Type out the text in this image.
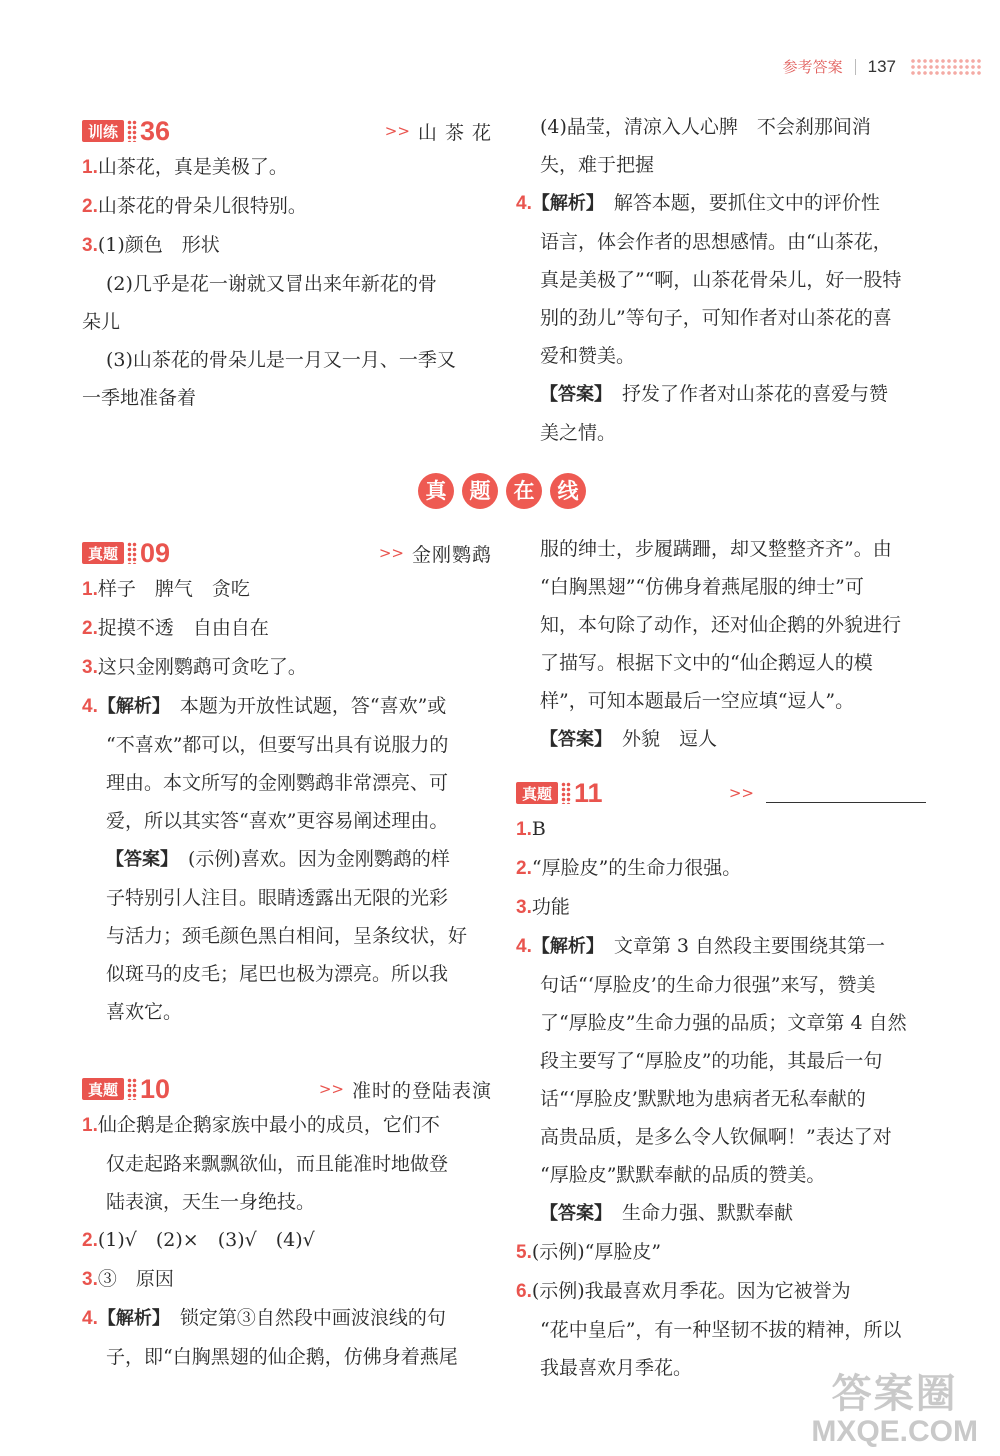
参考答案 137
训练 36	>> 山 茶 花
1.山茶花，真是美极了。
2.山茶花的骨朵儿很特别。
3.(1)颜色　形状
(2)几乎是花一谢就又冒出来年新花的骨
朵儿
(3)山茶花的骨朵儿是一月又一月、一季又
一季地准备着
(4)晶莹，清凉入人心脾　不会刹那间消
失，难于把握
4.【解析】 解答本题，要抓住文中的评价性
语言，体会作者的思想感情。由“山茶花，
真是美极了”“啊，山茶花骨朵儿，好一股特
别的劲儿”等句子，可知作者对山茶花的喜
爱和赞美。
【答案】 抒发了作者对山茶花的喜爱与赞
美之情。
真	题	在	线
真题 09	>> 金刚鹦鹉
1.样子　脾气　贪吃
2.捉摸不透　自由自在
3.这只金刚鹦鹉可贪吃了。
4.【解析】 本题为开放性试题，答“喜欢”或
“不喜欢”都可以，但要写出具有说服力的
理由。本文所写的金刚鹦鹉非常漂亮、可
爱，所以其实答“喜欢”更容易阐述理由。
【答案】 (示例)喜欢。因为金刚鹦鹉的样
子特别引人注目。眼睛透露出无限的光彩
与活力；颈毛颜色黑白相间，呈条纹状，好
似斑马的皮毛；尾巴也极为漂亮。所以我
喜欢它。
真题 10	>> 准时的登陆表演
1.仙企鹅是企鹅家族中最小的成员，它们不
仅走起路来飘飘欲仙，而且能准时地做登
陆表演，天生一身绝技。
2.(1)√　(2)×　(3)√　(4)√
3.③　原因
4.【解析】 锁定第③自然段中画波浪线的句
子，即“白胸黑翅的仙企鹅，仿佛身着燕尾
服的绅士，步履蹒跚，却又整整齐齐”。由
“白胸黑翅”“仿佛身着燕尾服的绅士”可
知，本句除了动作，还对仙企鹅的外貌进行
了描写。根据下文中的“仙企鹅逗人的模
样”，可知本题最后一空应填“逗人”。
【答案】 外貌　逗人
真题 11	>>
1.B
2.“厚脸皮”的生命力很强。
3.功能
4.【解析】 文章第 3 自然段主要围绕其第一
句话“‘厚脸皮’的生命力很强”来写，赞美
了“厚脸皮”生命力强的品质；文章第 4 自然
段主要写了“厚脸皮”的功能，其最后一句
话“‘厚脸皮’默默地为患病者无私奉献的
高贵品质，是多么令人钦佩啊！”表达了对
“厚脸皮”默默奉献的品质的赞美。
【答案】 生命力强、默默奉献
5.(示例)“厚脸皮”
6.(示例)我最喜欢月季花。因为它被誉为
“花中皇后”，有一种坚韧不拔的精神，所以
我最喜欢月季花。
答案圈
MXQE.COM
